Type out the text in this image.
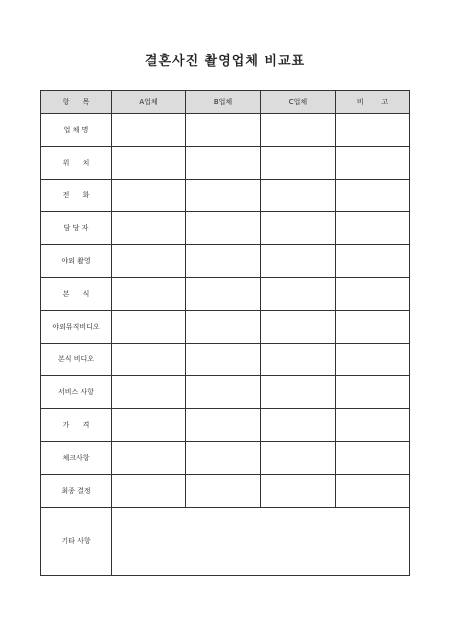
결혼사진 촬영업체 비교표
항      목	A업체	B업체	C업체	비        고
업 체 명				
위      치				
전      화				
담 당 자				
야외 촬영				
본      식				
야외뮤직비디오				
본식 비디오				
서비스 사항				
가      격				
체크사항				
최종 결정				
기타 사항				
